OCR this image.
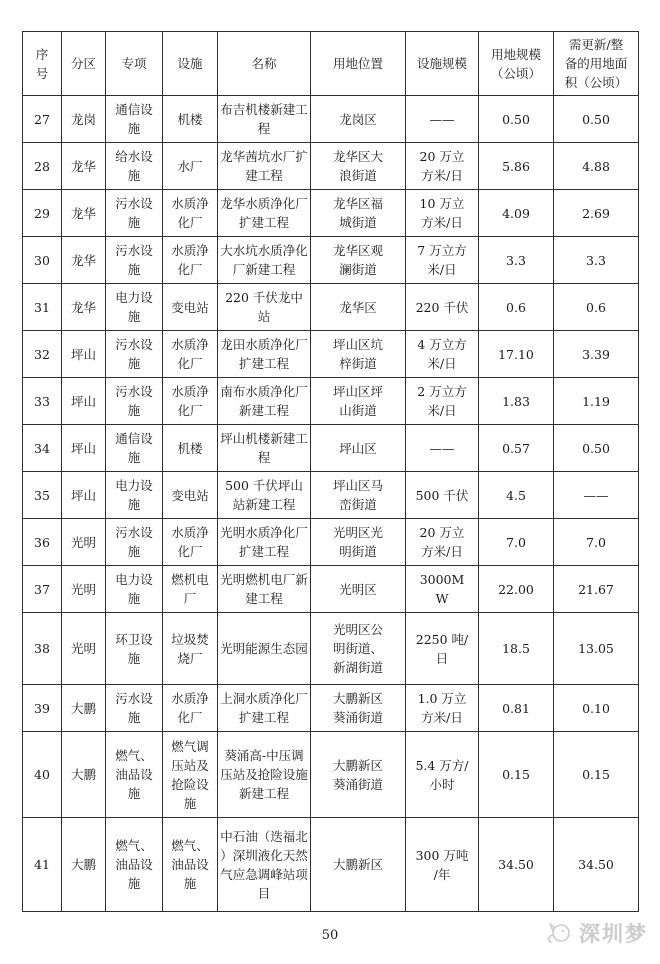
序号	分区	专项	设施	名称	用地位置	设施规模	用地规模（公顷）	需更新/整备的用地面积（公顷）
27	龙岗	通信设施	机楼	布吉机楼新建工程	龙岗区	——	0.50	0.50
28	龙华	给水设施	水厂	龙华茜坑水厂扩建工程	龙华区大浪街道	20 万立方米/日	5.86	4.88
29	龙华	污水设施	水质净化厂	龙华水质净化厂扩建工程	龙华区福城街道	10 万立方米/日	4.09	2.69
30	龙华	污水设施	水质净化厂	大水坑水质净化厂新建工程	龙华区观澜街道	7 万立方米/日	3.3	3.3
31	龙华	电力设施	变电站	220 千伏龙中站	龙华区	220 千伏	0.6	0.6
32	坪山	污水设施	水质净化厂	龙田水质净化厂扩建工程	坪山区坑梓街道	4 万立方米/日	17.10	3.39
33	坪山	污水设施	水质净化厂	南布水质净化厂新建工程	坪山区坪山街道	2 万立方米/日	1.83	1.19
34	坪山	通信设施	机楼	坪山机楼新建工程	坪山区	——	0.57	0.50
35	坪山	电力设施	变电站	500 千伏坪山站新建工程	坪山区马峦街道	500 千伏	4.5	——
36	光明	污水设施	水质净化厂	光明水质净化厂扩建工程	光明区光明街道	20 万立方米/日	7.0	7.0
37	光明	电力设施	燃机电厂	光明燃机电厂新建工程	光明区	3000MW	22.00	21.67
38	光明	环卫设施	垃圾焚烧厂	光明能源生态园	光明区公明街道、新湖街道	2250 吨/日	18.5	13.05
39	大鹏	污水设施	水质净化厂	上洞水质净化厂扩建工程	大鹏新区葵涌街道	1.0 万立方米/日	0.81	0.10
40	大鹏	燃气、油品设施	燃气调压站及抢险设施	葵涌高-中压调压站及抢险设施新建工程	大鹏新区葵涌街道	5.4 万方/小时	0.15	0.15
41	大鹏	燃气、油品设施	燃气、油品设施	中石油（迭福北）深圳液化天然气应急调峰站项目	大鹏新区	300 万吨/年	34.50	34.50
50	深圳梦
